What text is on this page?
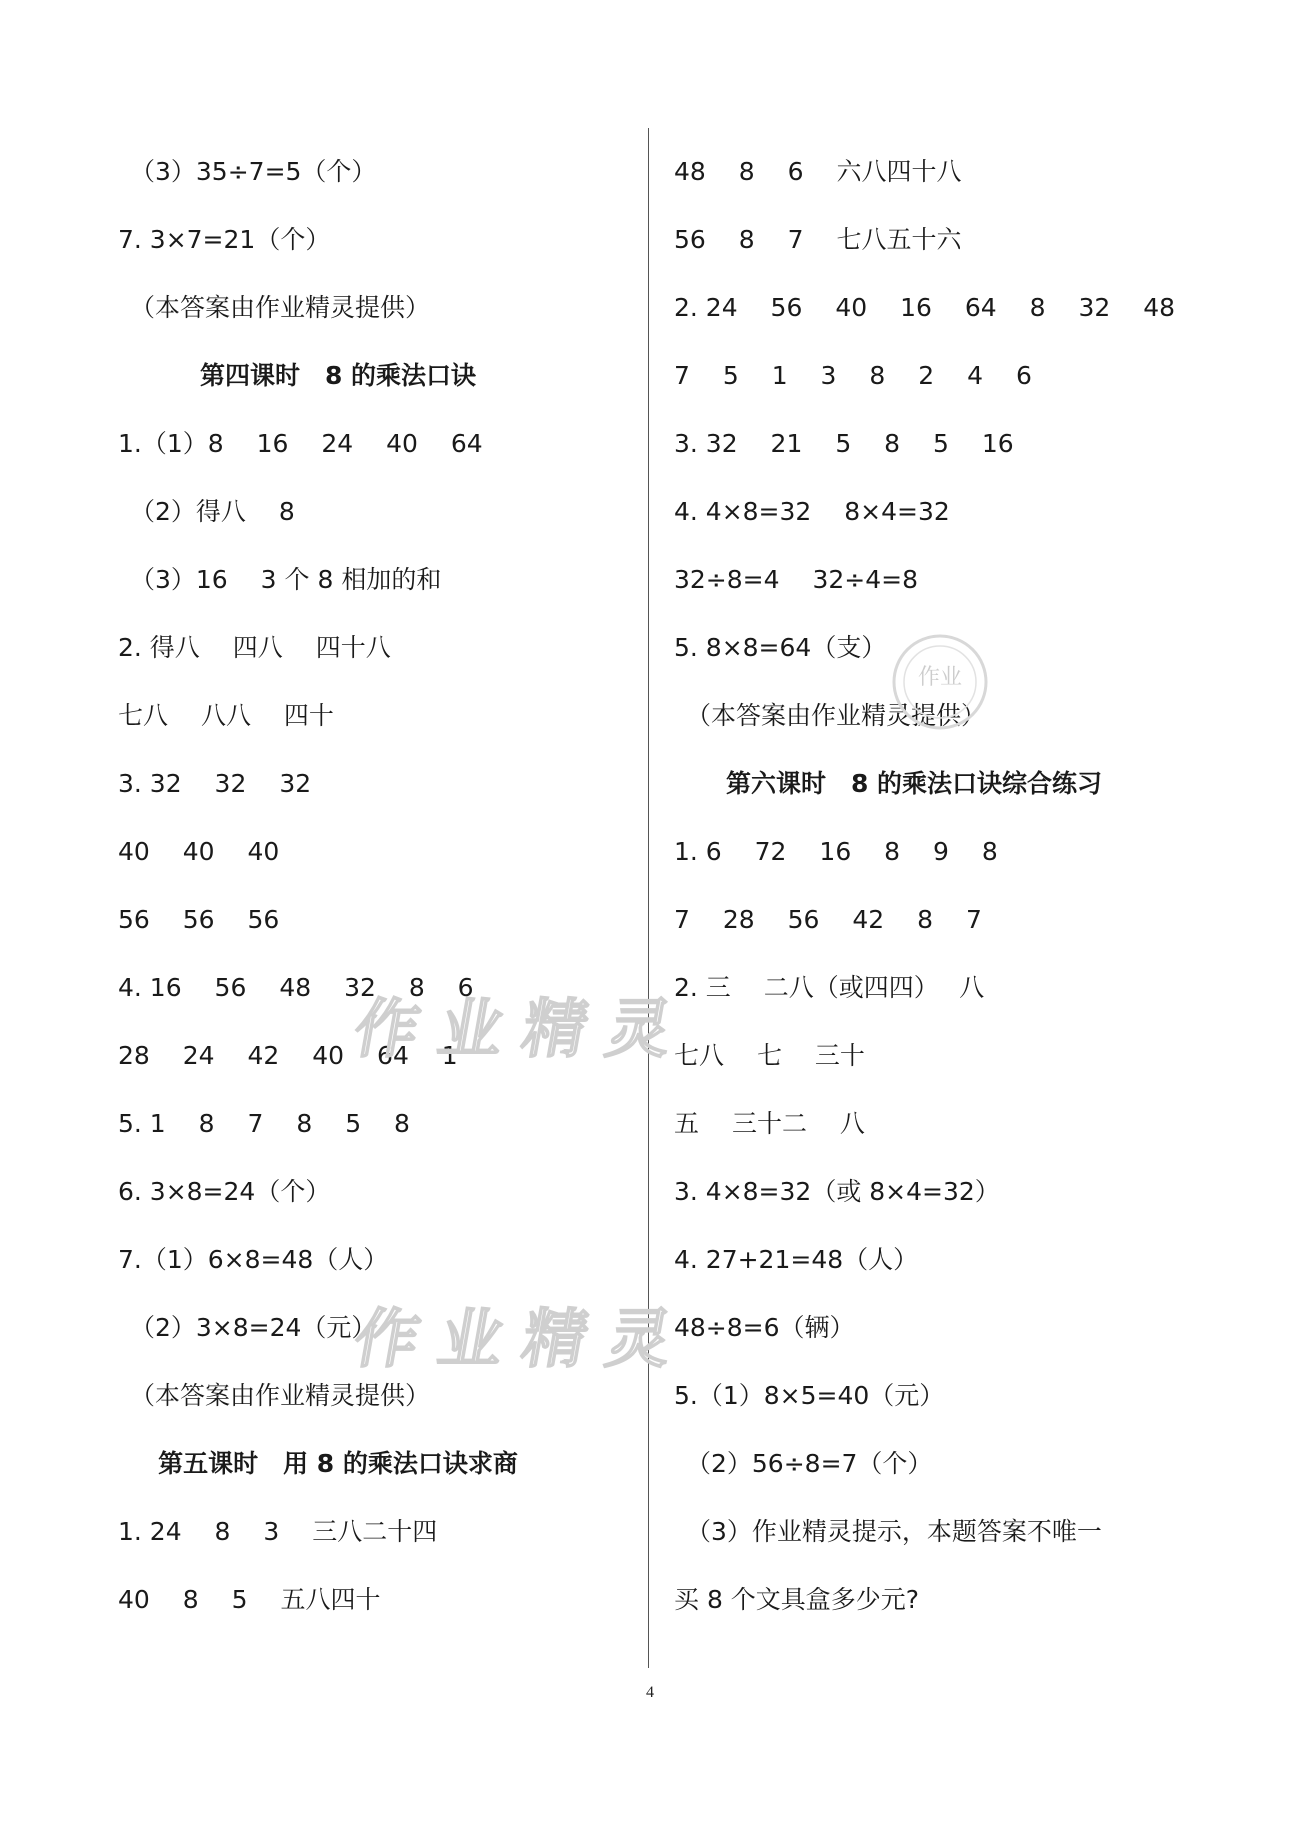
（3）35÷7=5（个）
7. 3×7=21（个）
（本答案由作业精灵提供）
第四课时　8 的乘法口诀
1.（1）8　 16　 24　 40　 64
（2）得八　 8
（3）16　 3 个 8 相加的和
2. 得八　 四八　 四十八
七八　 八八　 四十
3. 32　 32　 32
40　 40　 40
56　 56　 56
4. 16　 56　 48　 32　 8　 6
28　 24　 42　 40　 64　 1
5. 1　 8　 7　 8　 5　 8
6. 3×8=24（个）
7.（1）6×8=48（人）
（2）3×8=24（元）
（本答案由作业精灵提供）
第五课时　用 8 的乘法口诀求商
1. 24　 8　 3　 三八二十四
40　 8　 5　 五八四十
48　 8　 6　 六八四十八
56　 8　 7　 七八五十六
2. 24　 56　 40　 16　 64　 8　 32　 48
7　 5　 1　 3　 8　 2　 4　 6
3. 32　 21　 5　 8　 5　 16
4. 4×8=32　 8×4=32
32÷8=4　 32÷4=8
5. 8×8=64（支）
（本答案由作业精灵提供）
第六课时　8 的乘法口诀综合练习
1. 6　 72　 16　 8　 9　 8
7　 28　 56　 42　 8　 7
2. 三　 二八（或四四）　 八
七八　 七　 三十
五　 三十二　 八
3. 4×8=32（或 8×4=32）
4. 27+21=48（人）
48÷8=6（辆）
5.（1）8×5=40（元）
（2）56÷8=7（个）
（3）作业精灵提示，本题答案不唯一
买 8 个文具盒多少元?
作业精灵
作业精灵
作业
4
